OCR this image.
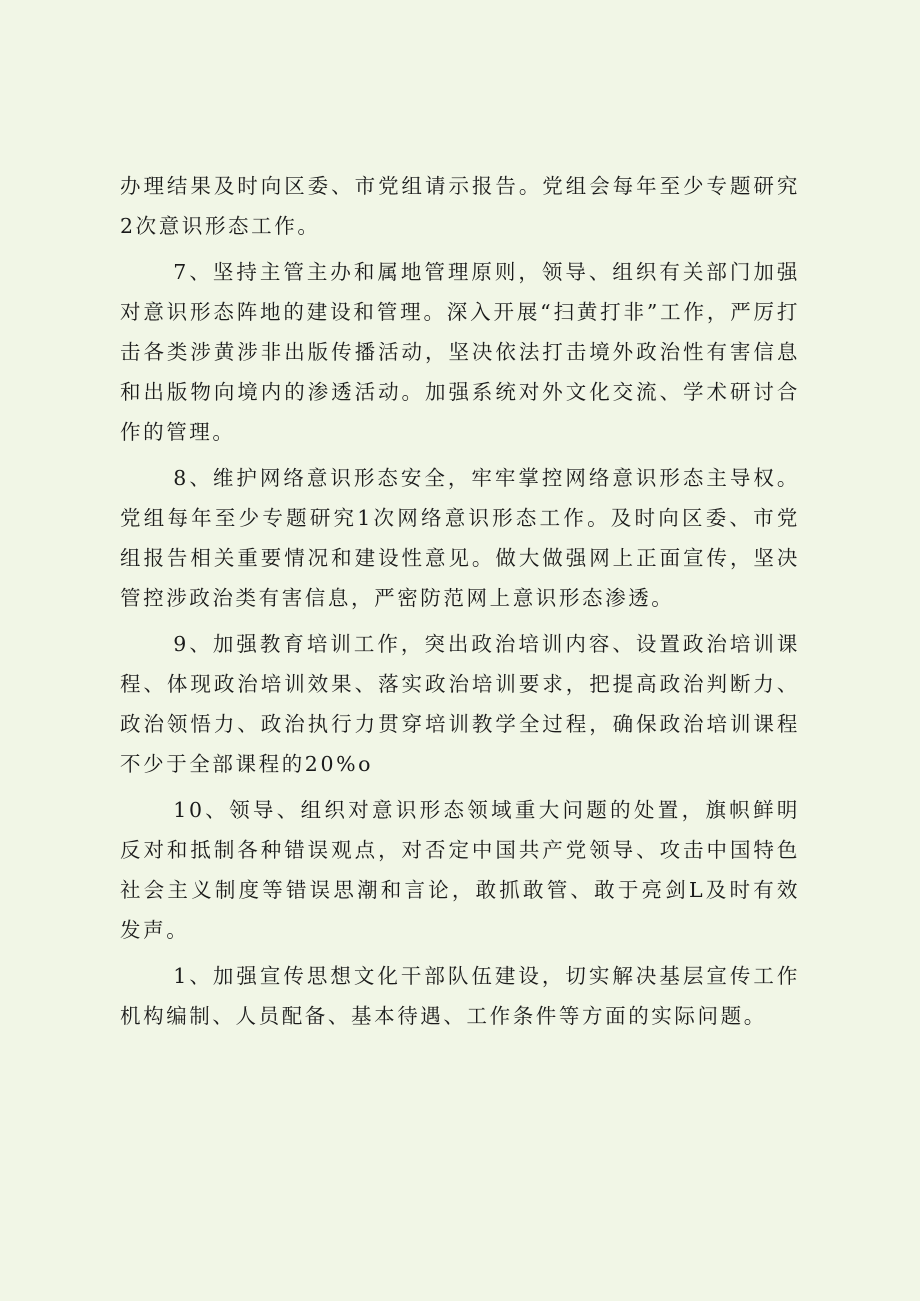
办理结果及时向区委、市党组请示报告。党组会每年至少专题研究2次意识形态工作。

7、坚持主管主办和属地管理原则，领导、组织有关部门加强对意识形态阵地的建设和管理。深入开展“扫黄打非”工作，严厉打击各类涉黄涉非出版传播活动，坚决依法打击境外政治性有害信息和出版物向境内的渗透活动。加强系统对外文化交流、学术研讨合作的管理。

8、维护网络意识形态安全，牢牢掌控网络意识形态主导权。党组每年至少专题研究1次网络意识形态工作。及时向区委、市党组报告相关重要情况和建设性意见。做大做强网上正面宣传，坚决管控涉政治类有害信息，严密防范网上意识形态渗透。

9、加强教育培训工作，突出政治培训内容、设置政治培训课程、体现政治培训效果、落实政治培训要求，把提高政治判断力、政治领悟力、政治执行力贯穿培训教学全过程，确保政治培训课程不少于全部课程的20%o

10、领导、组织对意识形态领域重大问题的处置，旗帜鲜明反对和抵制各种错误观点，对否定中国共产党领导、攻击中国特色社会主义制度等错误思潮和言论，敢抓敢管、敢于亮剑L及时有效发声。

1、加强宣传思想文化干部队伍建设，切实解决基层宣传工作机构编制、人员配备、基本待遇、工作条件等方面的实际问题。
